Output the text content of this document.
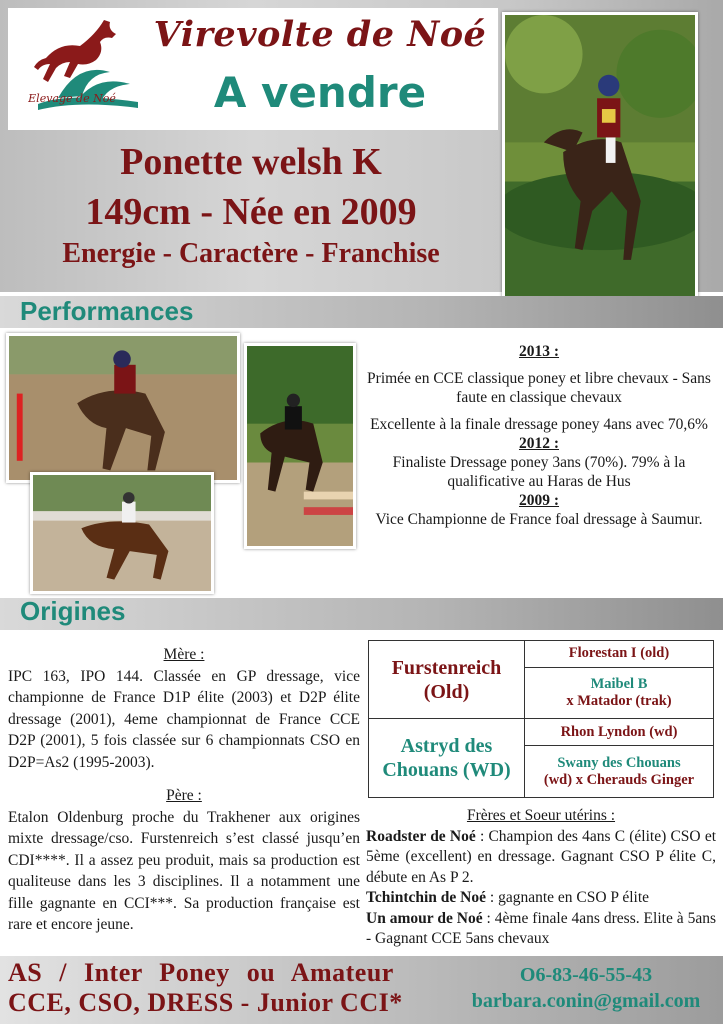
Elevage de Noé
Virevolte de Noé
A vendre
Ponette welsh K
149cm - Née en 2009
Energie - Caractère - Franchise
Performances

2013 :

Primée en CCE classique poney et libre chevaux - Sans faute en classique chevaux

Excellente à la finale dressage poney 4ans avec 70,6%

2012 :

Finaliste Dressage poney 3ans (70%). 79% à la qualificative au Haras de Hus

2009 :

Vice Championne de France foal dressage à Saumur.

Origines
Mère :
IPC 163, IPO 144. Classée en GP dressage, vice championne de France D1P élite (2003) et D2P élite dressage (2001), 4eme championnat de France CCE D2P (2001), 5 fois classée sur 6 championnats CSO en D2P=As2 (1995-2003).
Père :
Etalon Oldenburg proche du Trakhener aux origines mixte dressage/cso. Furstenreich s’est classé jusqu’en CDI****. Il a assez peu produit, mais sa production est qualiteuse dans les 3 disciplines. Il a notamment une fille gagnante en CCI***. Sa production française est rare et encore jeune.
Furstenreich (Old)	Florestan I (old)
	Maibel B
x Matador (trak)
Astryd des Chouans (WD)	Rhon Lyndon (wd)
	Swany des Chouans
(wd) x Cherauds Ginger
Frères et Soeur utérins :
Roadster de Noé : Champion des 4ans C (élite) CSO et 5ème (excellent) en dressage. Gagnant CSO P élite C, débute en As P 2.
Tchintchin de Noé : gagnante en CSO P élite
Un amour de Noé : 4ème finale 4ans dress. Elite à 5ans - Gagnant CCE 5ans chevaux
AS / Inter Poney ou Amateur
CCE, CSO, DRESS - Junior CCI*
O6-83-46-55-43
barbara.conin@gmail.com
